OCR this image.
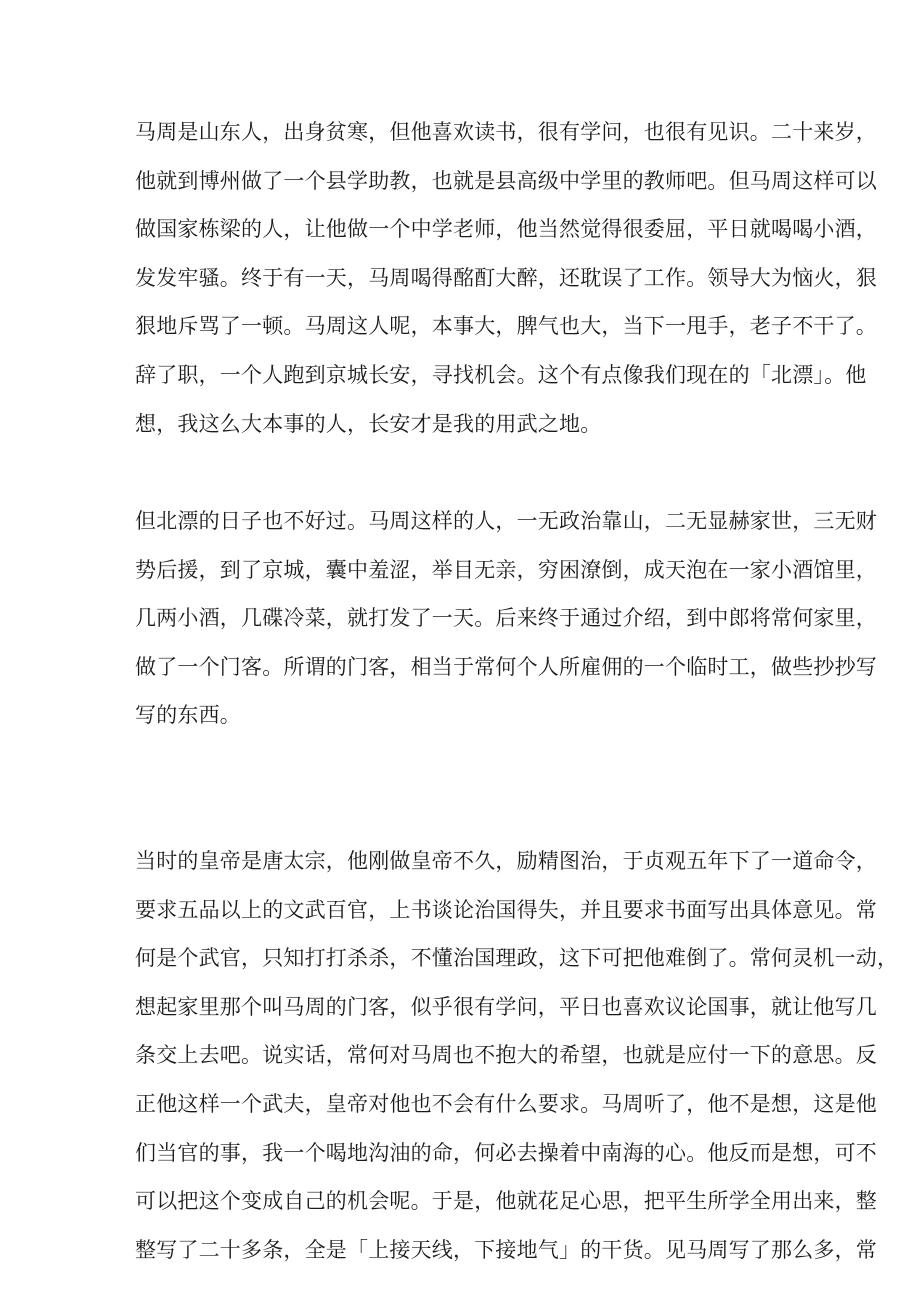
马周是山东人，出身贫寒，但他喜欢读书，很有学问，也很有见识。二十来岁，
他就到博州做了一个县学助教，也就是县高级中学里的教师吧。但马周这样可以
做国家栋梁的人，让他做一个中学老师，他当然觉得很委屈，平日就喝喝小酒，
发发牢骚。终于有一天，马周喝得酩酊大醉，还耽误了工作。领导大为恼火，狠
狠地斥骂了一顿。马周这人呢，本事大，脾气也大，当下一甩手，老子不干了。
辞了职，一个人跑到京城长安，寻找机会。这个有点像我们现在的「北漂」。他
想，我这么大本事的人，长安才是我的用武之地。
但北漂的日子也不好过。马周这样的人，一无政治靠山，二无显赫家世，三无财
势后援，到了京城，囊中羞涩，举目无亲，穷困潦倒，成天泡在一家小酒馆里，
几两小酒，几碟冷菜，就打发了一天。后来终于通过介绍，到中郎将常何家里，
做了一个门客。所谓的门客，相当于常何个人所雇佣的一个临时工，做些抄抄写
写的东西。
当时的皇帝是唐太宗，他刚做皇帝不久，励精图治，于贞观五年下了一道命令，
要求五品以上的文武百官，上书谈论治国得失，并且要求书面写出具体意见。常
何是个武官，只知打打杀杀，不懂治国理政，这下可把他难倒了。常何灵机一动，
想起家里那个叫马周的门客，似乎很有学问，平日也喜欢议论国事，就让他写几
条交上去吧。说实话，常何对马周也不抱大的希望，也就是应付一下的意思。反
正他这样一个武夫，皇帝对他也不会有什么要求。马周听了，他不是想，这是他
们当官的事，我一个喝地沟油的命，何必去操着中南海的心。他反而是想，可不
可以把这个变成自己的机会呢。于是，他就花足心思，把平生所学全用出来，整
整写了二十多条，全是「上接天线，下接地气」的干货。见马周写了那么多，常
